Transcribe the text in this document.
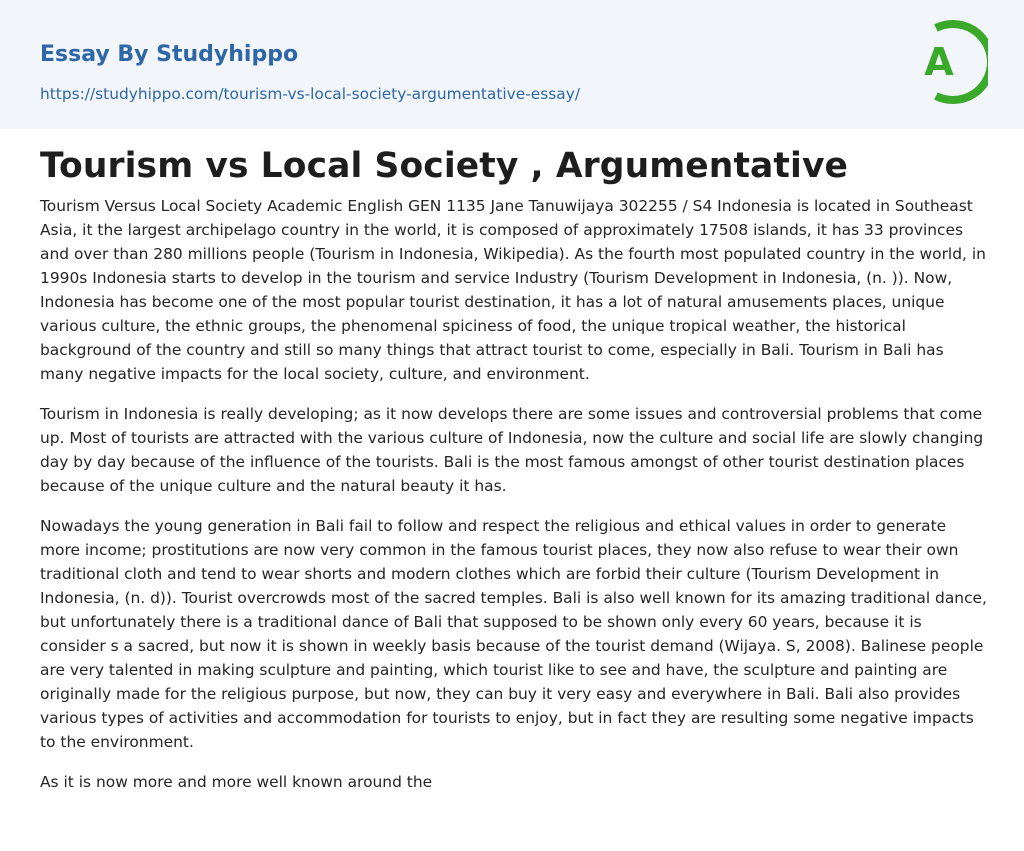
Essay By Studyhippo
https://studyhippo.com/tourism-vs-local-society-argumentative-essay/
A
Tourism vs Local Society , Argumentative

Tourism Versus Local Society Academic English GEN 1135 Jane Tanuwijaya 302255 / S4 Indonesia is located in Southeast Asia, it the largest archipelago country in the world, it is composed of approximately 17508 islands, it has 33 provinces and over than 280 millions people (Tourism in Indonesia, Wikipedia). As the fourth most populated country in the world, in 1990s Indonesia starts to develop in the tourism and service Industry (Tourism Development in Indonesia, (n. )). Now, Indonesia has become one of the most popular tourist destination, it has a lot of natural amusements places, unique various culture, the ethnic groups, the phenomenal spiciness of food, the unique tropical weather, the historical background of the country and still so many things that attract tourist to come, especially in Bali. Tourism in Bali has many negative impacts for the local society, culture, and environment.

Tourism in Indonesia is really developing; as it now develops there are some issues and controversial problems that come up. Most of tourists are attracted with the various culture of Indonesia, now the culture and social life are slowly changing day by day because of the influence of the tourists. Bali is the most famous amongst of other tourist destination places because of the unique culture and the natural beauty it has.

Nowadays the young generation in Bali fail to follow and respect the religious and ethical values in order to generate more income; prostitutions are now very common in the famous tourist places, they now also refuse to wear their own traditional cloth and tend to wear shorts and modern clothes which are forbid their culture (Tourism Development in Indonesia, (n. d)). Tourist overcrowds most of the sacred temples. Bali is also well known for its amazing traditional dance, but unfortunately there is a traditional dance of Bali that supposed to be shown only every 60 years, because it is consider s a sacred, but now it is shown in weekly basis because of the tourist demand (Wijaya. S, 2008). Balinese people are very talented in making sculpture and painting, which tourist like to see and have, the sculpture and painting are originally made for the religious purpose, but now, they can buy it very easy and everywhere in Bali. Bali also provides various types of activities and accommodation for tourists to enjoy, but in fact they are resulting some negative impacts to the environment.

As it is now more and more well known around the
